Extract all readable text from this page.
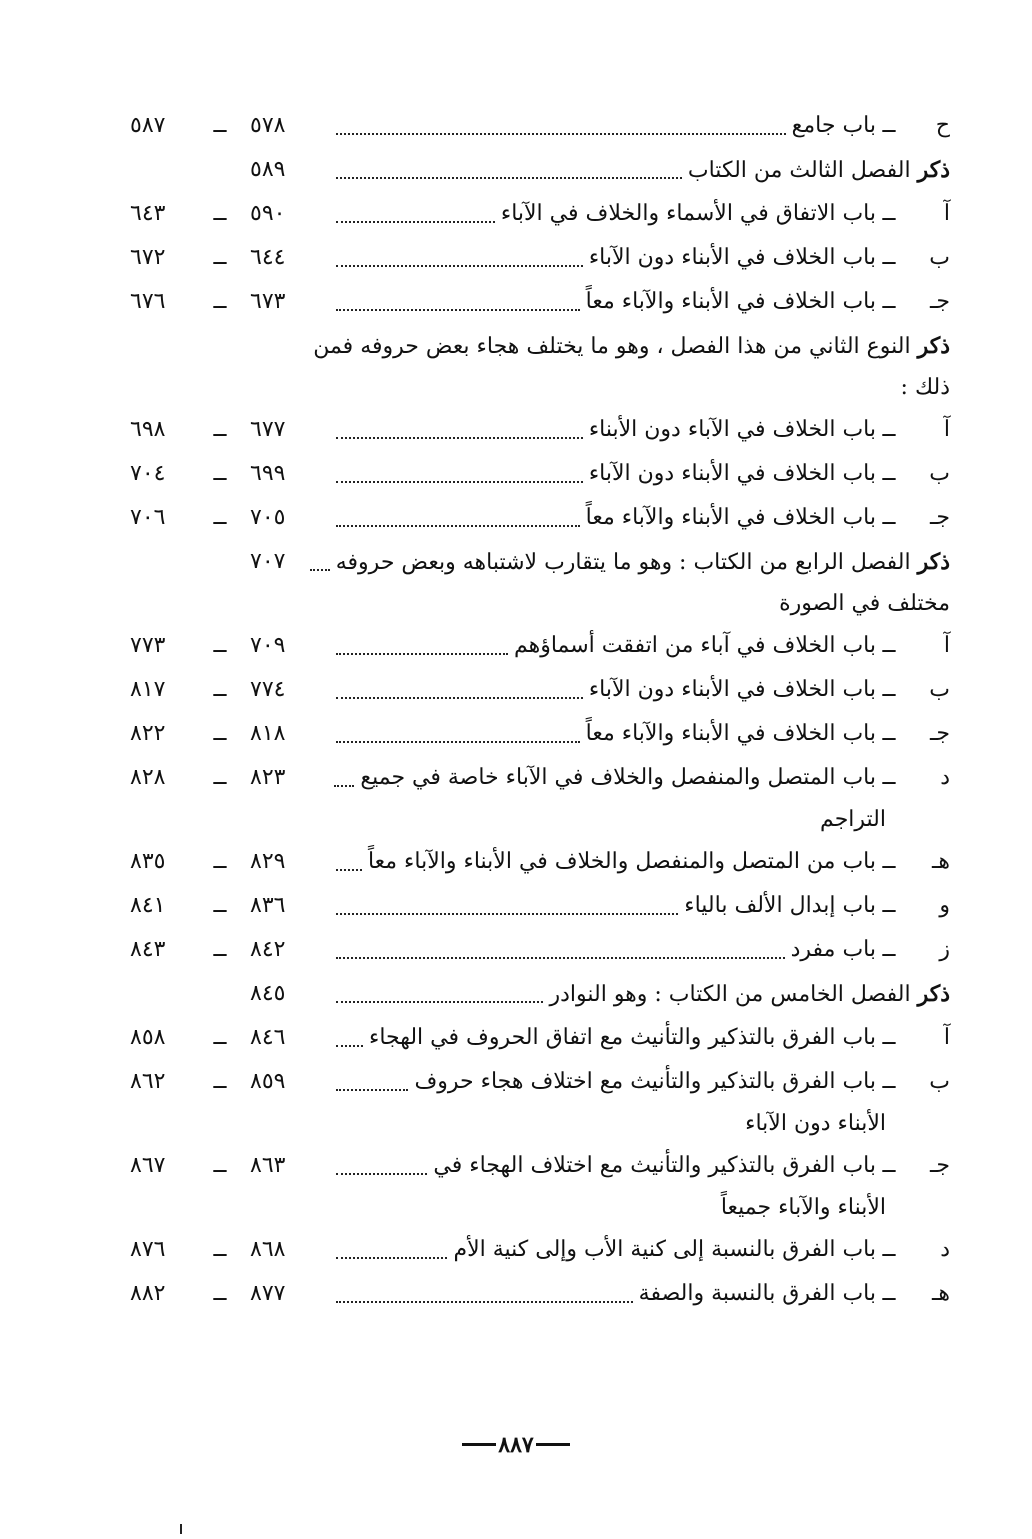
ح
ــ
باب جامع
٥٧٨
ــ
٥٨٧
ذكر الفصل الثالث من الكتاب
٥٨٩
آ
ــ
باب الاتفاق في الأسماء والخلاف في الآباء
٥٩٠
ــ
٦٤٣
ب
ــ
باب الخلاف في الأبناء دون الآباء
٦٤٤
ــ
٦٧٢
جـ
ــ
باب الخلاف في الأبناء والآباء معاً
٦٧٣
ــ
٦٧٦
ذكر النوع الثاني من هذا الفصل ، وهو ما يختلف هجاء بعض حروفه فمن
ذلك :
آ
ــ
باب الخلاف في الآباء دون الأبناء
٦٧٧
ــ
٦٩٨
ب
ــ
باب الخلاف في الأبناء دون الآباء
٦٩٩
ــ
٧٠٤
جـ
ــ
باب الخلاف في الأبناء والآباء معاً
٧٠٥
ــ
٧٠٦
ذكر الفصل الرابع من الكتاب : وهو ما يتقارب لاشتباهه وبعض حروفه
٧٠٧
مختلف في الصورة
آ
ــ
باب الخلاف في آباء من اتفقت أسماؤهم
٧٠٩
ــ
٧٧٣
ب
ــ
باب الخلاف في الأبناء دون الآباء
٧٧٤
ــ
٨١٧
جـ
ــ
باب الخلاف في الأبناء والآباء معاً
٨١٨
ــ
٨٢٢
د
ــ
باب المتصل والمنفصل والخلاف في الآباء خاصة في جميع
٨٢٣
ــ
٨٢٨
التراجم
هـ
ــ
باب من المتصل والمنفصل والخلاف في الأبناء والآباء معاً
٨٢٩
ــ
٨٣٥
و
ــ
باب إبدال الألف بالياء
٨٣٦
ــ
٨٤١
ز
ــ
باب مفرد
٨٤٢
ــ
٨٤٣
ذكر الفصل الخامس من الكتاب : وهو النوادر
٨٤٥
آ
ــ
باب الفرق بالتذكير والتأنيث مع اتفاق الحروف في الهجاء
٨٤٦
ــ
٨٥٨
ب
ــ
باب الفرق بالتذكير والتأنيث مع اختلاف هجاء حروف
٨٥٩
ــ
٨٦٢
الأبناء دون الآباء
جـ
ــ
باب الفرق بالتذكير والتأنيث مع اختلاف الهجاء في
٨٦٣
ــ
٨٦٧
الأبناء والآباء جميعاً
د
ــ
باب الفرق بالنسبة إلى كنية الأب وإلى كنية الأم
٨٦٨
ــ
٨٧٦
هـ
ــ
باب الفرق بالنسبة والصفة
٨٧٧
ــ
٨٨٢
٨٨٧
